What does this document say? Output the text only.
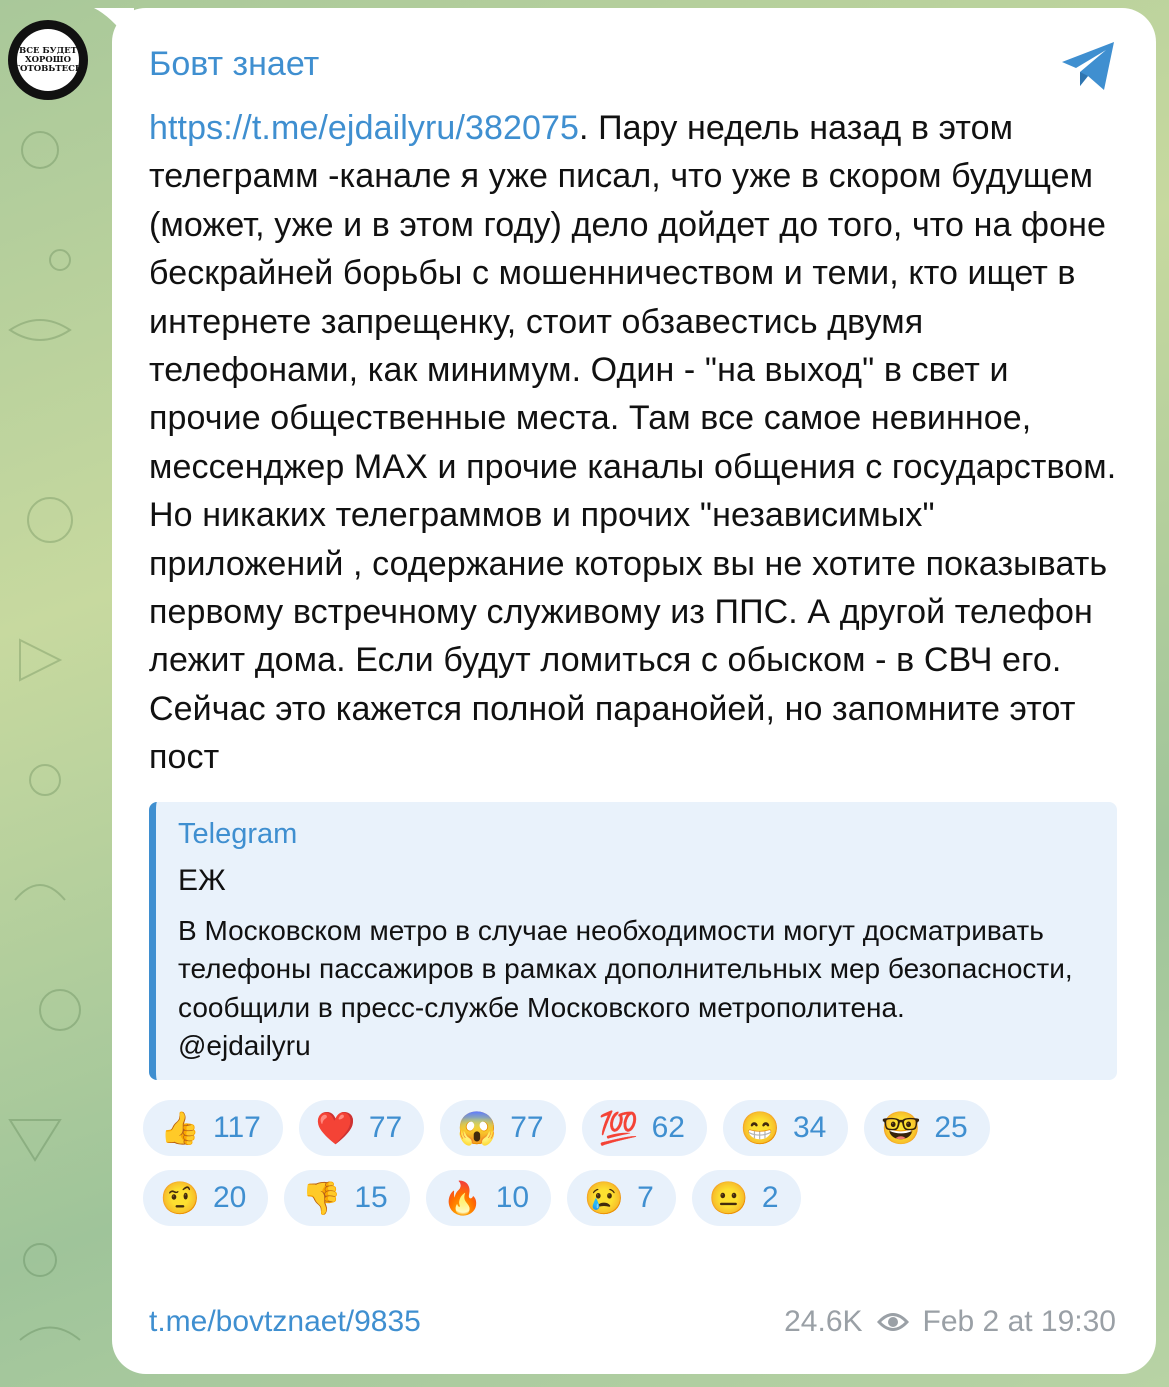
ВСЕ БУДЕТ ХОРОШО ГОТОВЬТЕСЬ Бовт знает
https://t.me/ejdailyru/382075. Пару недель назад в этом телеграмм -канале я уже писал, что уже в скором будущем (может, уже и в этом году) дело дойдет до того, что на фоне бескрайней борьбы с мошенничеством и теми, кто ищет в интернете запрещенку, стоит обзавестись двумя телефонами, как минимум. Один - "на выход" в свет и прочие общественные места. Там все самое невинное, мессенджер MAX и прочие каналы общения с государством. Но никаких телеграммов и прочих "независимых" приложений , содержание которых вы не хотите показывать первому встречному служивому из ППС. А другой телефон лежит дома. Если будут ломиться с обыском - в СВЧ его. Сейчас это кажется полной паранойей, но запомните этот пост
Telegram
ЕЖ
В Московском метро в случае необходимости могут досматривать телефоны пассажиров в рамках дополнительных мер безопасности, сообщили в пресс-службе Московского метрополитена.
@ejdailyru
👍 117 ❤️ 77 😱 77 💯 62 😁 34 🤓 25
🤨 20 👎 15 🔥 10 😢 7 😐 2
t.me/bovtznaet/9835	24.6K Feb 2 at 19:30
